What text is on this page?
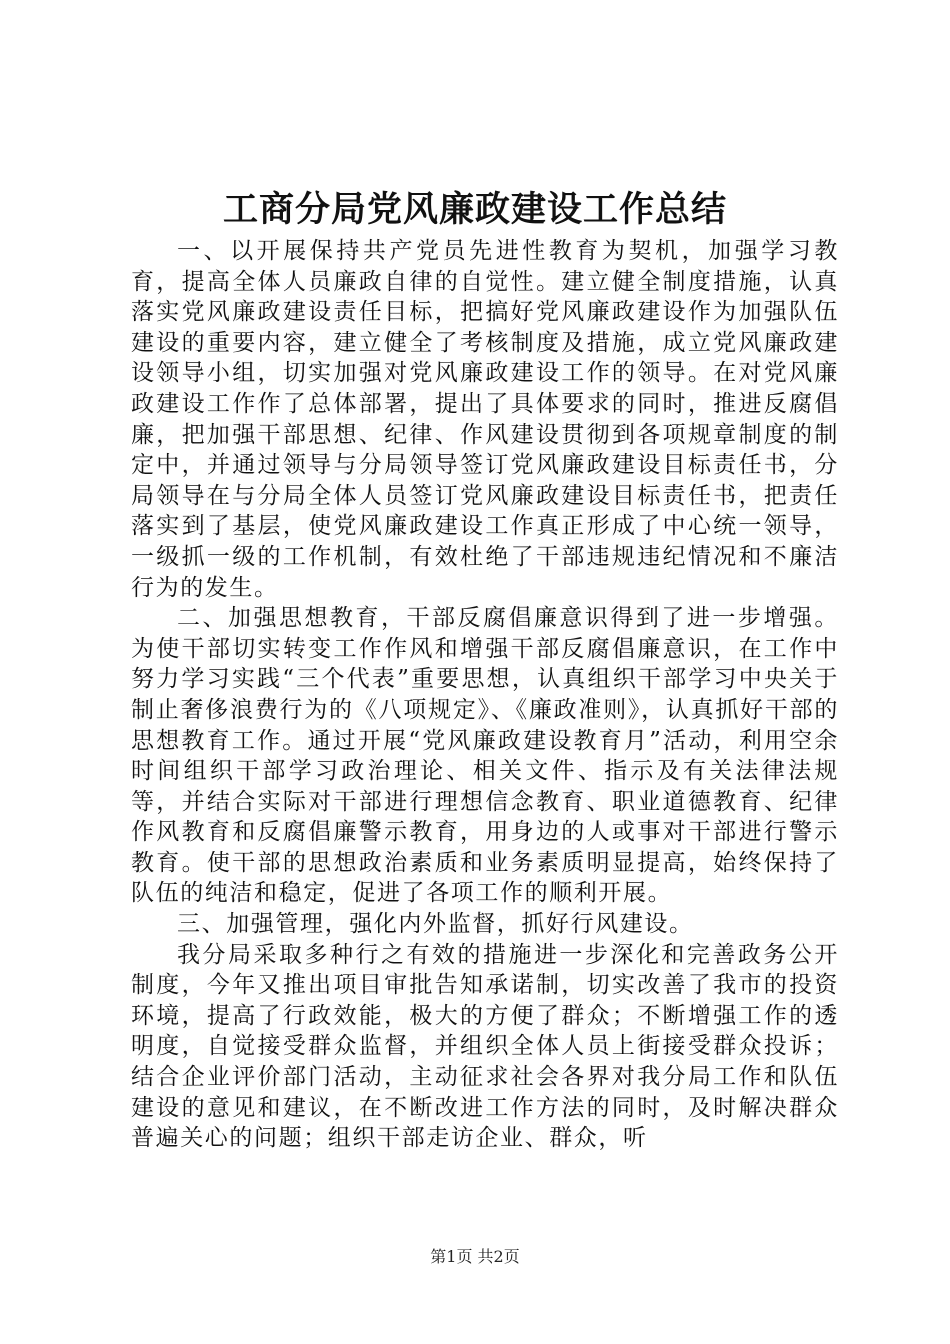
工商分局党风廉政建设工作总结

一、以开展保持共产党员先进性教育为契机，加强学习教育，提高全体人员廉政自律的自觉性。建立健全制度措施，认真落实党风廉政建设责任目标，把搞好党风廉政建设作为加强队伍建设的重要内容，建立健全了考核制度及措施，成立党风廉政建设领导小组，切实加强对党风廉政建设工作的领导。在对党风廉政建设工作作了总体部署，提出了具体要求的同时，推进反腐倡廉，把加强干部思想、纪律、作风建设贯彻到各项规章制度的制定中，并通过领导与分局领导签订党风廉政建设目标责任书，分局领导在与分局全体人员签订党风廉政建设目标责任书，把责任落实到了基层，使党风廉政建设工作真正形成了中心统一领导，一级抓一级的工作机制，有效杜绝了干部违规违纪情况和不廉洁行为的发生。

二、加强思想教育，干部反腐倡廉意识得到了进一步增强。为使干部切实转变工作作风和增强干部反腐倡廉意识，在工作中努力学习实践“三个代表”重要思想，认真组织干部学习中央关于制止奢侈浪费行为的《八项规定》、《廉政准则》，认真抓好干部的思想教育工作。通过开展“党风廉政建设教育月”活动，利用空余时间组织干部学习政治理论、相关文件、指示及有关法律法规等，并结合实际对干部进行理想信念教育、职业道德教育、纪律作风教育和反腐倡廉警示教育，用身边的人或事对干部进行警示教育。使干部的思想政治素质和业务素质明显提高，始终保持了队伍的纯洁和稳定，促进了各项工作的顺利开展。

三、加强管理，强化内外监督，抓好行风建设。

我分局采取多种行之有效的措施进一步深化和完善政务公开制度，今年又推出项目审批告知承诺制，切实改善了我市的投资环境，提高了行政效能，极大的方便了群众；不断增强工作的透明度，自觉接受群众监督，并组织全体人员上街接受群众投诉；结合企业评价部门活动，主动征求社会各界对我分局工作和队伍建设的意见和建议，在不断改进工作方法的同时，及时解决群众普遍关心的问题；组织干部走访企业、群众，听

第1页 共2页
